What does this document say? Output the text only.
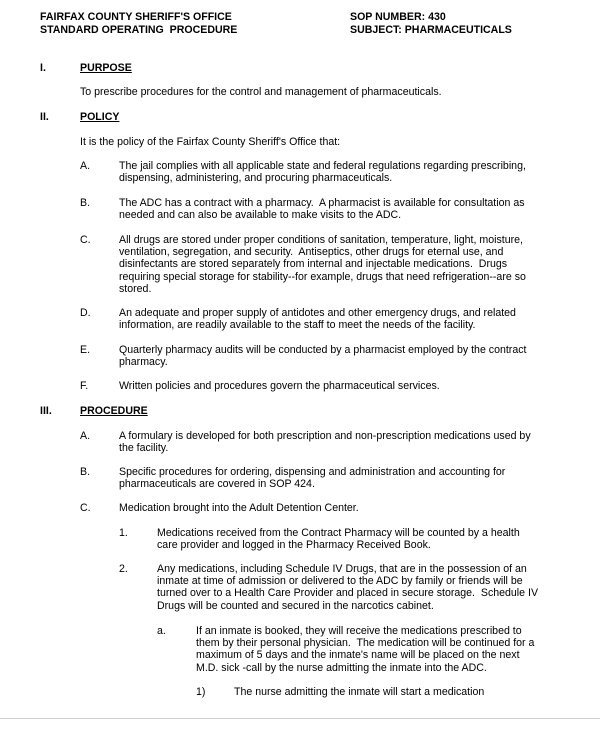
FAIRFAX COUNTY SHERIFF'S OFFICE
STANDARD OPERATING  PROCEDURE
SOP NUMBER: 430
SUBJECT: PHARMACEUTICALS
I.	PURPOSE
To prescribe procedures for the control and management of pharmaceuticals.
II.	POLICY
It is the policy of the Fairfax County Sheriff's Office that:
A.	The jail complies with all applicable state and federal regulations regarding prescribing,
dispensing, administering, and procuring pharmaceuticals.
B.	The ADC has a contract with a pharmacy.  A pharmacist is available for consultation as
needed and can also be available to make visits to the ADC.
C.	All drugs are stored under proper conditions of sanitation, temperature, light, moisture,
ventilation, segregation, and security.  Antiseptics, other drugs for eternal use, and
disinfectants are stored separately from internal and injectable medications.  Drugs
requiring special storage for stability--for example, drugs that need refrigeration--are so
stored.
D.	An adequate and proper supply of antidotes and other emergency drugs, and related
information, are readily available to the staff to meet the needs of the facility.
E.	Quarterly pharmacy audits will be conducted by a pharmacist employed by the contract
pharmacy.
F.	Written policies and procedures govern the pharmaceutical services.
III.	PROCEDURE
A.	A formulary is developed for both prescription and non-prescription medications used by
the facility.
B.	Specific procedures for ordering, dispensing and administration and accounting for
pharmaceuticals are covered in SOP 424.
C.	Medication brought into the Adult Detention Center.
1.	Medications received from the Contract Pharmacy will be counted by a health
care provider and logged in the Pharmacy Received Book.
2.	Any medications, including Schedule IV Drugs, that are in the possession of an
inmate at time of admission or delivered to the ADC by family or friends will be
turned over to a Health Care Provider and placed in secure storage.  Schedule IV
Drugs will be counted and secured in the narcotics cabinet.
a.	If an inmate is booked, they will receive the medications prescribed to
them by their personal physician.  The medication will be continued for a
maximum of 5 days and the inmate's name will be placed on the next
M.D. sick -call by the nurse admitting the inmate into the ADC.
1)	The nurse admitting the inmate will start a medication
